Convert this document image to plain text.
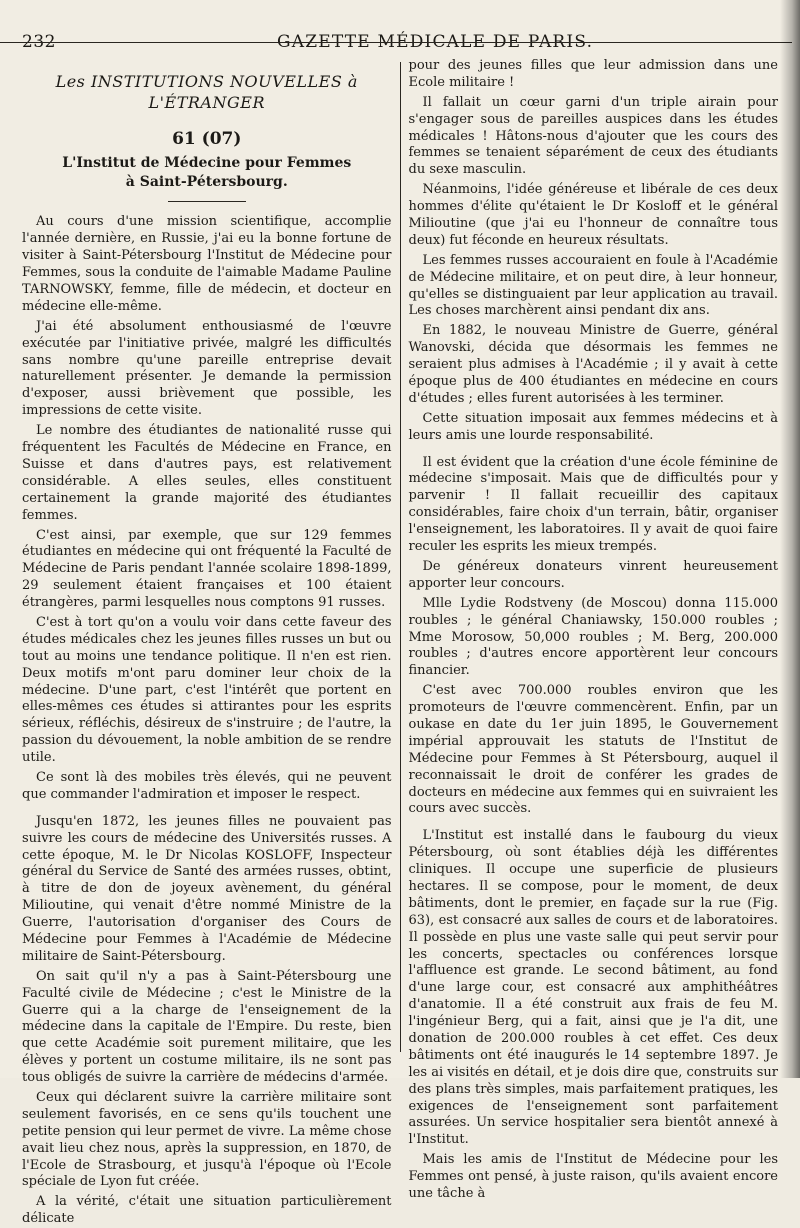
232	GAZETTE MÉDICALE DE PARIS.
Les INSTITUTIONS NOUVELLES à L'ÉTRANGER
61 (07)
L'Institut de Médecine pour Femmes
à Saint-Pétersbourg.

Au cours d'une mission scientifique, accomplie l'année dernière, en Russie, j'ai eu la bonne fortune de visiter à Saint-Pétersbourg l'Institut de Médecine pour Femmes, sous la conduite de l'aimable Madame Pauline TARNOWSKY, femme, fille de médecin, et docteur en médecine elle-même.

J'ai été absolument enthousiasmé de l'œuvre exécutée par l'initiative privée, malgré les difficultés sans nombre qu'une pareille entreprise devait naturellement présenter. Je demande la permission d'exposer, aussi brièvement que possible, les impressions de cette visite.

Le nombre des étudiantes de nationalité russe qui fréquentent les Facultés de Médecine en France, en Suisse et dans d'autres pays, est relativement considérable. A elles seules, elles constituent certainement la grande majorité des étudiantes femmes.

C'est ainsi, par exemple, que sur 129 femmes étudiantes en médecine qui ont fréquenté la Faculté de Médecine de Paris pendant l'année scolaire 1898-1899, 29 seulement étaient françaises et 100 étaient étrangères, parmi lesquelles nous comptons 91 russes.

C'est à tort qu'on a voulu voir dans cette faveur des études médicales chez les jeunes filles russes un but ou tout au moins une tendance politique. Il n'en est rien. Deux motifs m'ont paru dominer leur choix de la médecine. D'une part, c'est l'intérêt que portent en elles-mêmes ces études si attirantes pour les esprits sérieux, réfléchis, désireux de s'instruire ; de l'autre, la passion du dévouement, la noble ambition de se rendre utile.

Ce sont là des mobiles très élevés, qui ne peuvent que commander l'admiration et imposer le respect.

Jusqu'en 1872, les jeunes filles ne pouvaient pas suivre les cours de médecine des Universités russes. A cette époque, M. le Dr Nicolas KOSLOFF, Inspecteur général du Service de Santé des armées russes, obtint, à titre de don de joyeux avènement, du général Milioutine, qui venait d'être nommé Ministre de la Guerre, l'autorisation d'organiser des Cours de Médecine pour Femmes à l'Académie de Médecine militaire de Saint-Pétersbourg.

On sait qu'il n'y a pas à Saint-Pétersbourg une Faculté civile de Médecine ; c'est le Ministre de la Guerre qui a la charge de l'enseignement de la médecine dans la capitale de l'Empire. Du reste, bien que cette Académie soit purement militaire, que les élèves y portent un costume militaire, ils ne sont pas tous obligés de suivre la carrière de médecins d'armée.

Ceux qui déclarent suivre la carrière militaire sont seulement favorisés, en ce sens qu'ils touchent une petite pension qui leur permet de vivre. La même chose avait lieu chez nous, après la suppression, en 1870, de l'Ecole de Strasbourg, et jusqu'à l'époque où l'Ecole spéciale de Lyon fut créée.

A la vérité, c'était une situation particulièrement délicate

pour des jeunes filles que leur admission dans une Ecole militaire !

Il fallait un cœur garni d'un triple airain pour s'engager sous de pareilles auspices dans les études médicales ! Hâtons-nous d'ajouter que les cours des femmes se tenaient séparément de ceux des étudiants du sexe masculin.

Néanmoins, l'idée généreuse et libérale de ces deux hommes d'élite qu'étaient le Dr Kosloff et le général Milioutine (que j'ai eu l'honneur de connaître tous deux) fut féconde en heureux résultats.

Les femmes russes accouraient en foule à l'Académie de Médecine militaire, et on peut dire, à leur honneur, qu'elles se distinguaient par leur application au travail. Les choses marchèrent ainsi pendant dix ans.

En 1882, le nouveau Ministre de Guerre, général Wanovski, décida que désormais les femmes ne seraient plus admises à l'Académie ; il y avait à cette époque plus de 400 étudiantes en médecine en cours d'études ; elles furent autorisées à les terminer.

Cette situation imposait aux femmes médecins et à leurs amis une lourde responsabilité.

Il est évident que la création d'une école féminine de médecine s'imposait. Mais que de difficultés pour y parvenir ! Il fallait recueillir des capitaux considérables, faire choix d'un terrain, bâtir, organiser l'enseignement, les laboratoires. Il y avait de quoi faire reculer les esprits les mieux trempés.

De généreux donateurs vinrent heureusement apporter leur concours.

Mlle Lydie Rodstveny (de Moscou) donna 115.000 roubles ; le général Chaniawsky, 150.000 roubles ; Mme Morosow, 50,000 roubles ; M. Berg, 200.000 roubles ; d'autres encore apportèrent leur concours financier.

C'est avec 700.000 roubles environ que les promoteurs de l'œuvre commencèrent. Enfin, par un oukase en date du 1er juin 1895, le Gouvernement impérial approuvait les statuts de l'Institut de Médecine pour Femmes à St Pétersbourg, auquel il reconnaissait le droit de conférer les grades de docteurs en médecine aux femmes qui en suivraient les cours avec succès.

L'Institut est installé dans le faubourg du vieux Pétersbourg, où sont établies déjà les différentes cliniques. Il occupe une superficie de plusieurs hectares. Il se compose, pour le moment, de deux bâtiments, dont le premier, en façade sur la rue (Fig. 63), est consacré aux salles de cours et de laboratoires. Il possède en plus une vaste salle qui peut servir pour les concerts, spectacles ou conférences lorsque l'affluence est grande. Le second bâtiment, au fond d'une large cour, est consacré aux amphithéâtres d'anatomie. Il a été construit aux frais de feu M. l'ingénieur Berg, qui a fait, ainsi que je l'a dit, une donation de 200.000 roubles à cet effet. Ces deux bâtiments ont été inaugurés le 14 septembre 1897. Je les ai visités en détail, et je dois dire que, construits sur des plans très simples, mais parfaitement pratiques, les exigences de l'enseignement sont parfaitement assurées. Un service hospitalier sera bientôt annexé à l'Institut.

Mais les amis de l'Institut de Médecine pour les Femmes ont pensé, à juste raison, qu'ils avaient encore une tâche à
